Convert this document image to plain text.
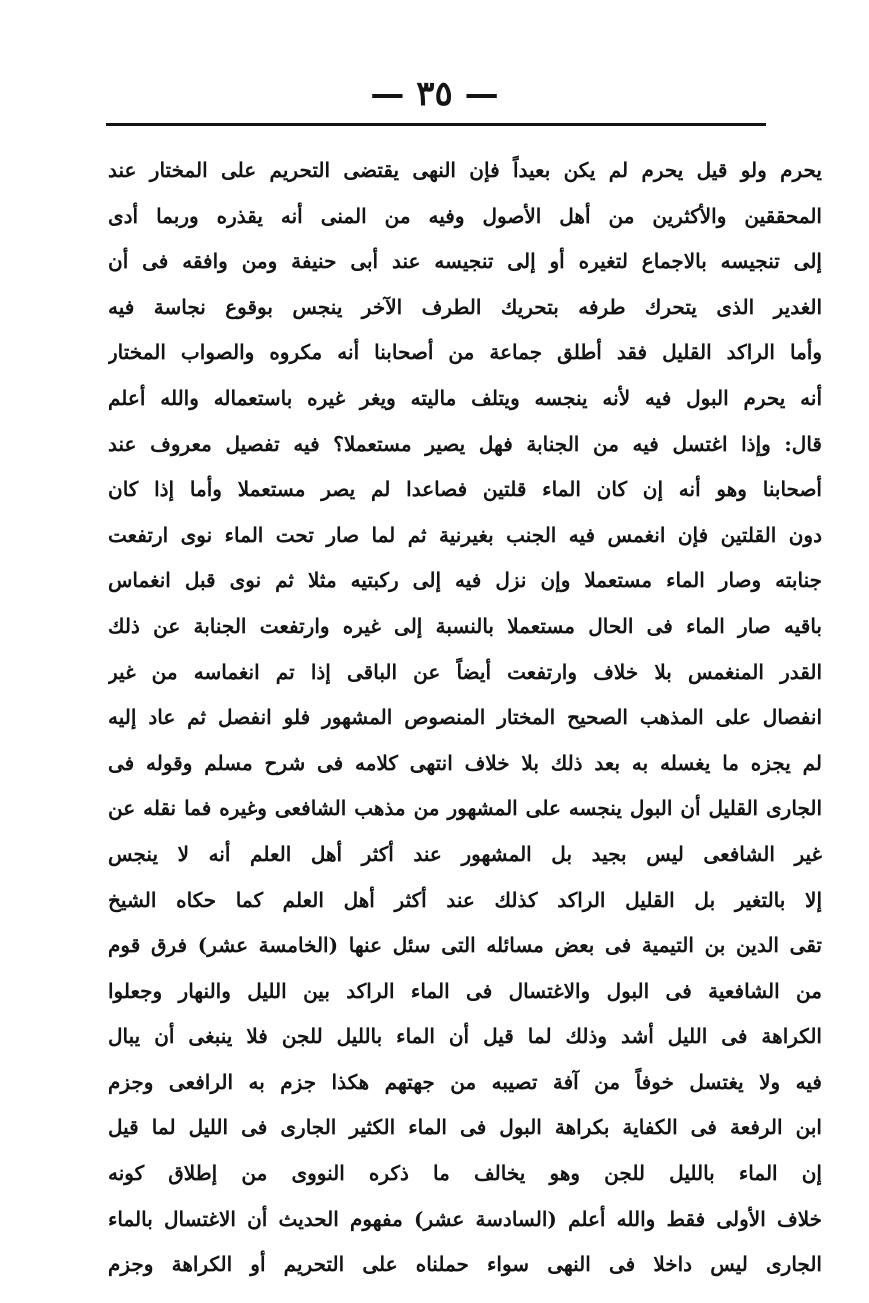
— ٣٥ —
يحرم ولو قيل يحرم لم يكن بعيداً فإن النهى يقتضى التحريم على المختار عند
المحققين والأكثرين من أهل الأصول وفيه من المنى أنه يقذره وربما أدى
إلى تنجيسه بالاجماع لتغيره أو إلى تنجيسه عند أبى حنيفة ومن وافقه فى أن
الغدير الذى يتحرك طرفه بتحريك الطرف الآخر ينجس بوقوع نجاسة فيه
وأما الراكد القليل فقد أطلق جماعة من أصحابنا أنه مكروه والصواب المختار
أنه يحرم البول فيه لأنه ينجسه ويتلف ماليته ويغر غيره باستعماله والله أعلم
قال: وإذا اغتسل فيه من الجنابة فهل يصير مستعملا؟ فيه تفصيل معروف عند
أصحابنا وهو أنه إن كان الماء قلتين فصاعدا لم يصر مستعملا وأما إذا كان
دون القلتين فإن انغمس فيه الجنب بغيرنية ثم لما صار تحت الماء نوى ارتفعت
جنابته وصار الماء مستعملا وإن نزل فيه إلى ركبتيه مثلا ثم نوى قبل انغماس
باقيه صار الماء فى الحال مستعملا بالنسبة إلى غيره وارتفعت الجنابة عن ذلك
القدر المنغمس بلا خلاف وارتفعت أيضاً عن الباقى إذا تم انغماسه من غير
انفصال على المذهب الصحيح المختار المنصوص المشهور فلو انفصل ثم عاد إليه
لم يجزه ما يغسله به بعد ذلك بلا خلاف انتهى كلامه فى شرح مسلم وقوله فى
الجارى القليل أن البول ينجسه على المشهور من مذهب الشافعى وغيره فما نقله عن
غير الشافعى ليس بجيد بل المشهور عند أكثر أهل العلم أنه لا ينجس
إلا بالتغير بل القليل الراكد كذلك عند أكثر أهل العلم كما حكاه الشيخ
تقى الدين بن التيمية فى بعض مسائله التى سئل عنها (الخامسة عشر) فرق قوم
من الشافعية فى البول والاغتسال فى الماء الراكد بين الليل والنهار وجعلوا
الكراهة فى الليل أشد وذلك لما قيل أن الماء بالليل للجن فلا ينبغى أن يبال
فيه ولا يغتسل خوفاً من آفة تصيبه من جهتهم هكذا جزم به الرافعى وجزم
ابن الرفعة فى الكفاية بكراهة البول فى الماء الكثير الجارى فى الليل لما قيل
إن الماء بالليل للجن وهو يخالف ما ذكره النووى من إطلاق كونه
خلاف الأولى فقط والله أعلم (السادسة عشر) مفهوم الحديث أن الاغتسال بالماء
الجارى ليس داخلا فى النهى سواء حملناه على التحريم أو الكراهة وجزم
